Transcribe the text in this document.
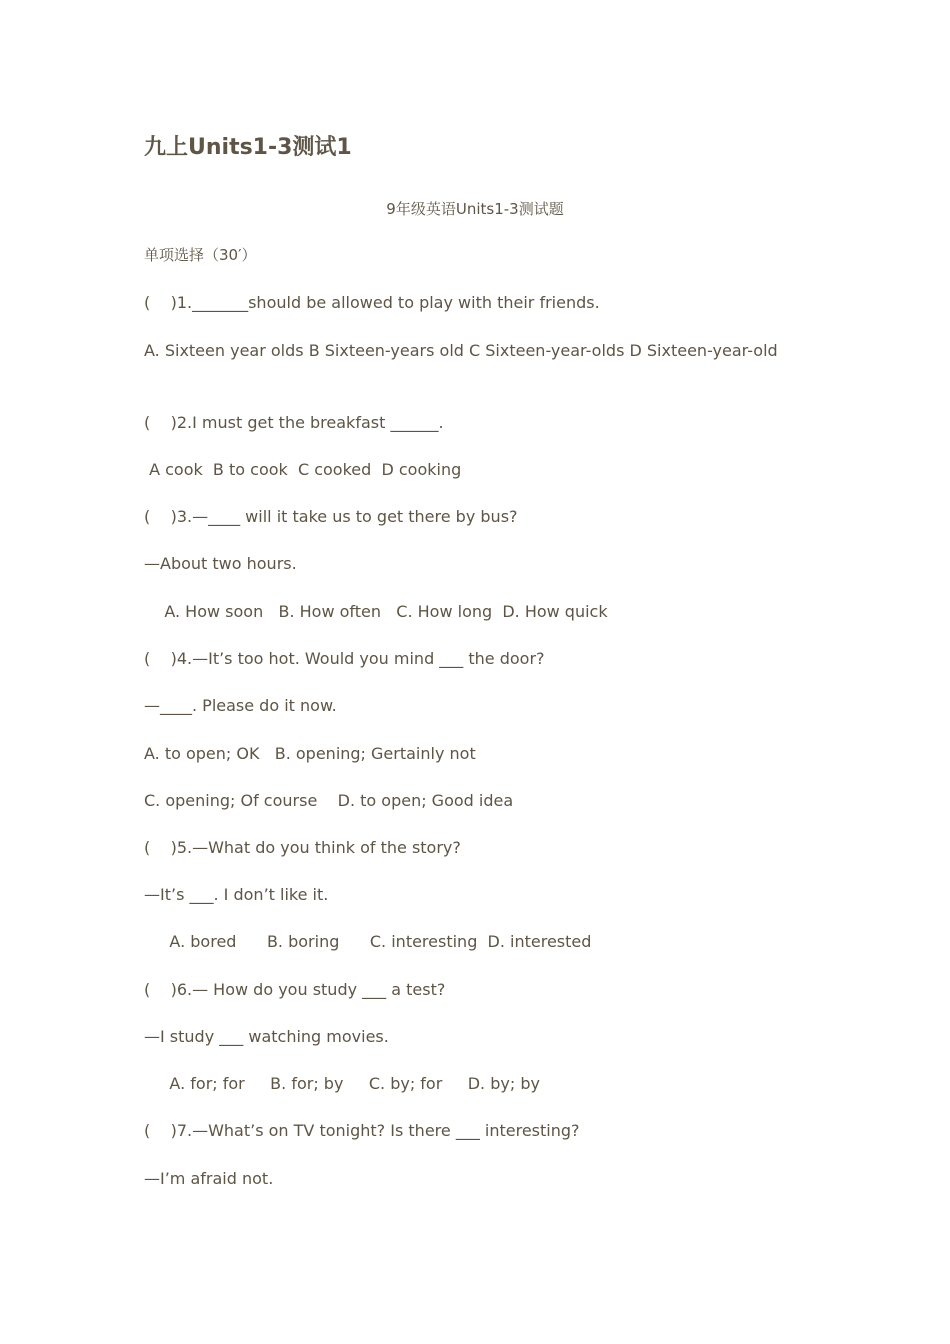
九上Units1-3测试1
9年级英语Units1-3测试题
单项选择（30′）
(    )1._______should be allowed to play with their friends.
A. Sixteen year olds B Sixteen-years old C Sixteen-year-olds D Sixteen-year-old
(    )2.I must get the breakfast ______.
A cook  B to cook  C cooked  D cooking
(    )3.—____ will it take us to get there by bus?
—About two hours.
A. How soon   B. How often   C. How long  D. How quick
(    )4.—It’s too hot. Would you mind ___ the door?
—____. Please do it now.
A. to open; OK   B. opening; Gertainly not
C. opening; Of course    D. to open; Good idea
(    )5.—What do you think of the story?
—It’s ___. I don’t like it.
A. bored      B. boring      C. interesting  D. interested
(    )6.— How do you study ___ a test?
—I study ___ watching movies.
A. for; for     B. for; by     C. by; for     D. by; by
(    )7.—What’s on TV tonight? Is there ___ interesting?
—I’m afraid not.
